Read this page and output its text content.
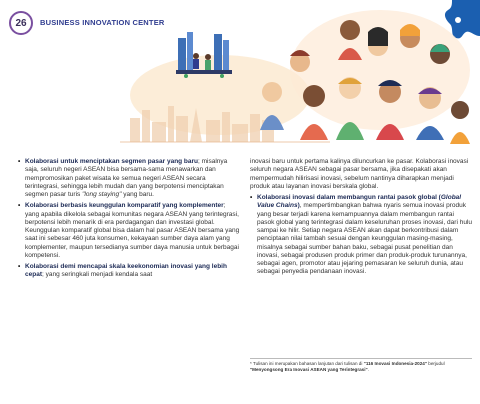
26 BUSINESS INNOVATION CENTER

• Kolaborasi untuk menciptakan segmen pasar yang baru; misalnya saja, seluruh negeri ASEAN bisa bersama-sama menawarkan dan mempromosikan paket wisata ke semua negeri ASEAN secara terintegrasi, sehingga lebih mudah dan yang berpotensi menciptakan segmen pasar turis "long staying" yang baru.

• Kolaborasi berbasis keunggulan komparatif yang komplementer; yang apabila dikelola sebagai komunitas negara ASEAN yang terintegrasi, berpotensi lebih menarik di era perdagangan dan investasi global. Keunggulan komparatif global bisa dalam hal pasar ASEAN bersama yang saat ini sebesar 460 juta konsumen, kekayaan sumber daya alam yang komplementer, maupun tersedianya sumber daya manusia untuk berbagai kompetensi.

• Kolaborasi demi mencapai skala keekonomian inovasi yang lebih cepat; yang seringkali menjadi kendala saat

inovasi baru untuk pertama kalinya diluncurkan ke pasar. Kolaborasi inovasi seluruh negara ASEAN sebagai pasar bersama, jika disepakati akan mempermudah hilirisasi inovasi, sebelum nantinya diharapkan menjadi produk atau layanan inovasi berskala global.

• Kolaborasi inovasi dalam membangun rantai pasok global (Global Value Chains), mempertimbangkan bahwa nyaris semua inovasi produk yang besar terjadi karena kemampuannya dalam membangun rantai pasok global yang terintegrasi dalam keseluruhan proses inovasi, dari hulu sampai ke hilir. Setiap negara ASEAN akan dapat berkontribusi dalam penciptaan nilai tambah sesuai dengan keunggulan masing-masing, misalnya sebagai sumber bahan baku, sebagai pusat penelitian dan inovasi, sebagai produsen produk primer dan produk-produk turunannya, sebagai agen, promotor atau jejaring pemasaran ke seluruh dunia, atau sebagai penyedia pendanaan inovasi.

* Tulisan ini merupakan bahasan lanjutan dari tulisan di "116 Inovasi Indonesia-2024" berjudul "Menyongsong Era Inovasi ASEAN yang Terintegrasi".
